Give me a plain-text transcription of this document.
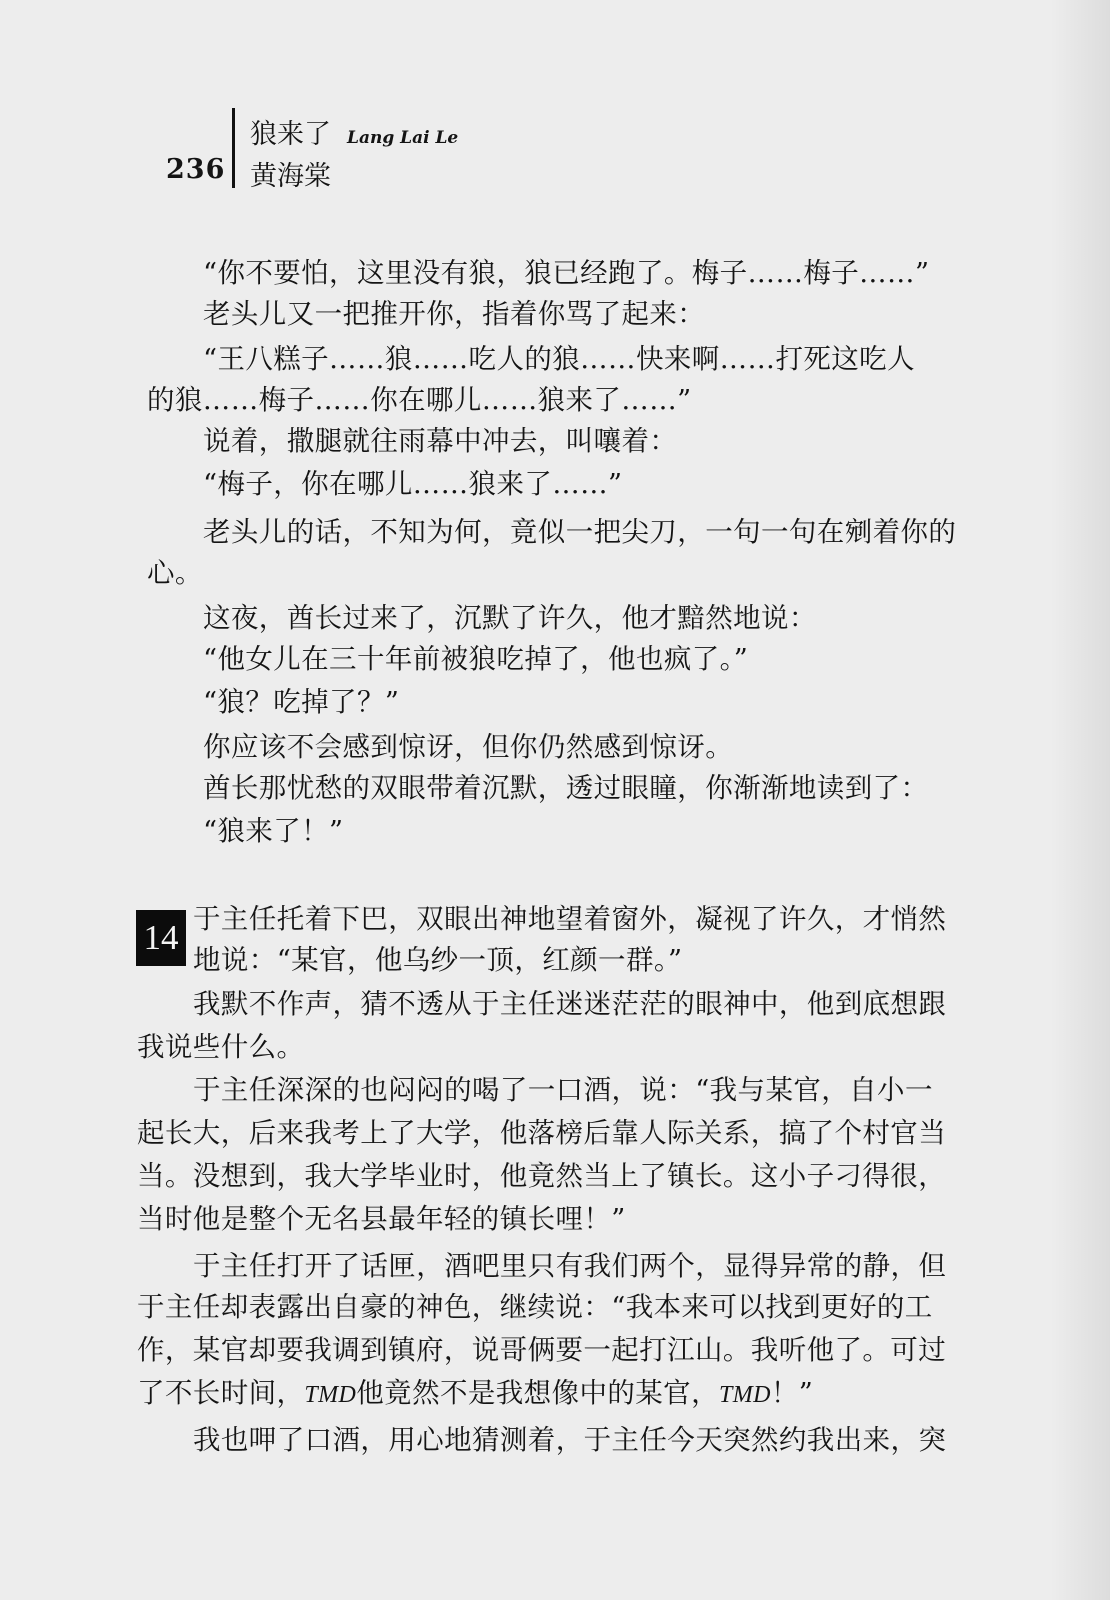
236
狼来了 Lang Lai Le
黄海棠
“你不要怕，这里没有狼，狼已经跑了。梅子……梅子……”
老头儿又一把推开你，指着你骂了起来：
“王八糕子……狼……吃人的狼……快来啊……打死这吃人
的狼……梅子……你在哪儿……狼来了……”
说着，撒腿就往雨幕中冲去，叫嚷着：
“梅子，你在哪儿……狼来了……”
老头儿的话，不知为何，竟似一把尖刀，一句一句在剜着你的
心。
这夜，酋长过来了，沉默了许久，他才黯然地说：
“他女儿在三十年前被狼吃掉了，他也疯了。”
“狼？吃掉了？”
你应该不会感到惊讶，但你仍然感到惊讶。
酋长那忧愁的双眼带着沉默，透过眼瞳，你渐渐地读到了：
“狼来了！”
14 于主任托着下巴，双眼出神地望着窗外，凝视了许久，才悄然
地说：“某官，他乌纱一顶，红颜一群。”
我默不作声，猜不透从于主任迷迷茫茫的眼神中，他到底想跟
我说些什么。
于主任深深的也闷闷的喝了一口酒，说：“我与某官，自小一
起长大，后来我考上了大学，他落榜后靠人际关系，搞了个村官当
当。没想到，我大学毕业时，他竟然当上了镇长。这小子刁得很，
当时他是整个无名县最年轻的镇长哩！”
于主任打开了话匣，酒吧里只有我们两个，显得异常的静，但
于主任却表露出自豪的神色，继续说：“我本来可以找到更好的工
作，某官却要我调到镇府，说哥俩要一起打江山。我听他了。可过
了不长时间，TMD他竟然不是我想像中的某官，TMD！”
我也呷了口酒，用心地猜测着，于主任今天突然约我出来，突
